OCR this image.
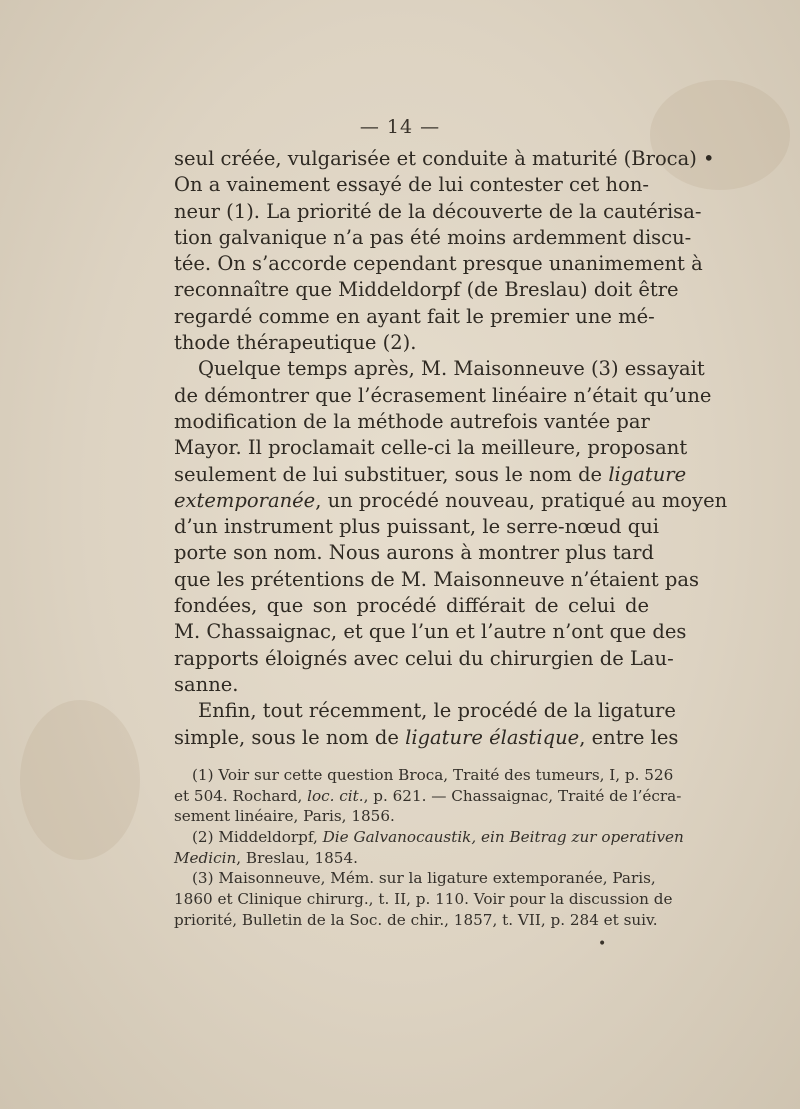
— 14 —
seul créée, vulgarisée et conduite à maturité (Broca) •
On a vainement essayé de lui contester cet hon-
neur (1). La priorité de la découverte de la cautérisa-
tion galvanique n’a pas été moins ardemment discu-
tée. On s’accorde cependant presque unanimement à
reconnaître que Middeldorpf (de Breslau) doit être
regardé comme en ayant fait le premier une mé-
thode thérapeutique (2).
Quelque temps après, M. Maisonneuve (3) essayait
de démontrer que l’écrasement linéaire n’était qu’une
modification de la méthode autrefois vantée par
Mayor. Il proclamait celle-ci la meilleure, proposant
seulement de lui substituer, sous le nom de ligature
extemporanée, un procédé nouveau, pratiqué au moyen
d’un instrument plus puissant, le serre-nœud qui
porte son nom. Nous aurons à montrer plus tard
que les prétentions de M. Maisonneuve n’étaient pas
fondées, que son procédé différait de celui de
M. Chassaignac, et que l’un et l’autre n’ont que des
rapports éloignés avec celui du chirurgien de Lau-
sanne.
Enfin, tout récemment, le procédé de la ligature
simple, sous le nom de ligature élastique, entre les
(1) Voir sur cette question Broca, Traité des tumeurs, I, p. 526
et 504. Rochard, loc. cit., p. 621. — Chassaignac, Traité de l’écra-
sement linéaire, Paris, 1856.
(2) Middeldorpf, Die Galvanocaustik, ein Beitrag zur operativen
Medicin, Breslau, 1854.
(3) Maisonneuve, Mém. sur la ligature extemporanée, Paris,
1860 et Clinique chirurg., t. II, p. 110. Voir pour la discussion de
priorité, Bulletin de la Soc. de chir., 1857, t. VII, p. 284 et suiv.
•
